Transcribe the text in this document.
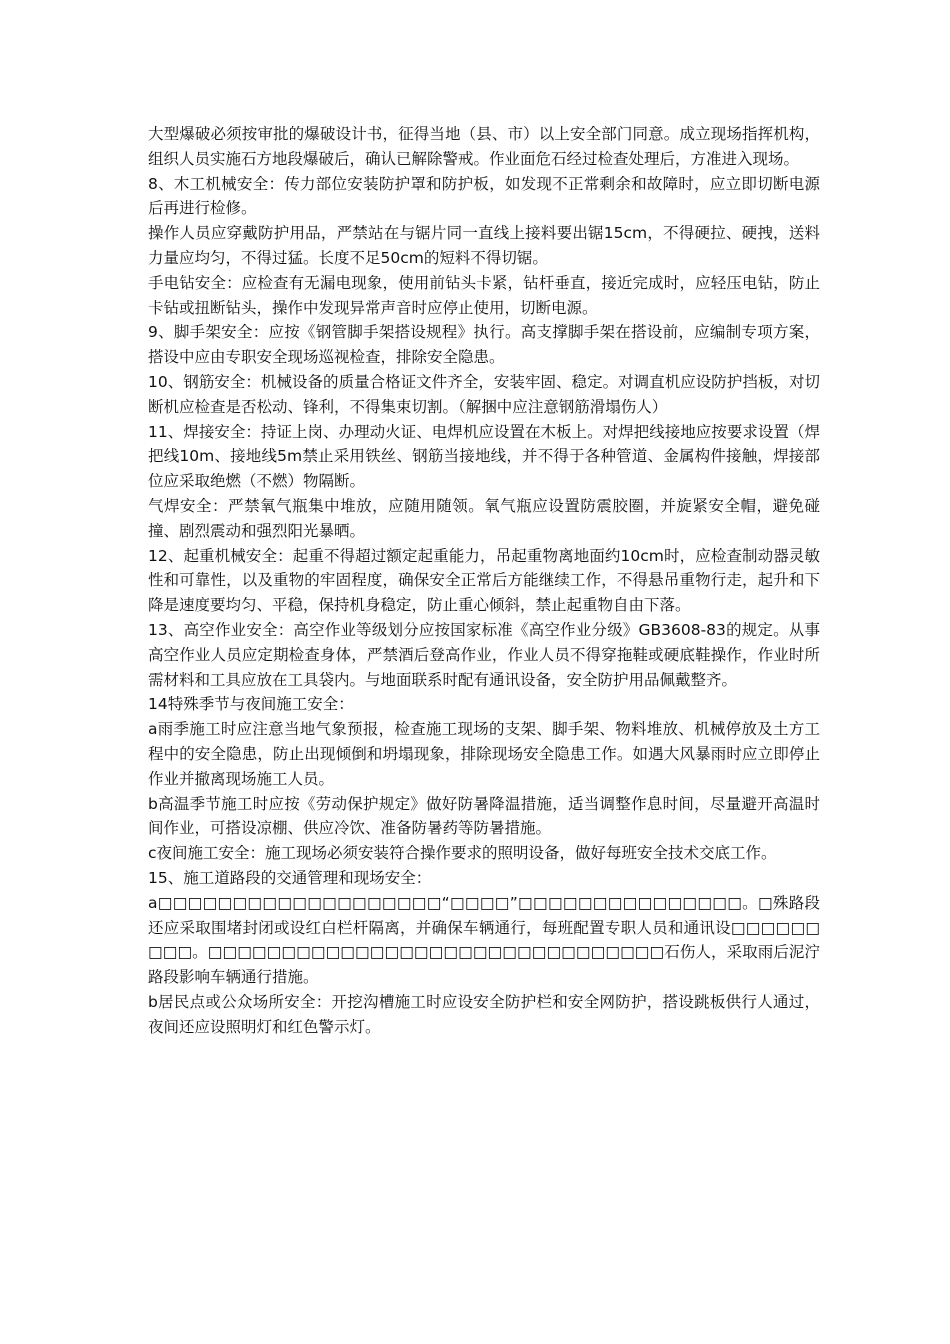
大型爆破必须按审批的爆破设计书，征得当地（县、市）以上安全部门同意。成立现场指挥机构，组织人员实施石方地段爆破后，确认已解除警戒。作业面危石经过检查处理后，方准进入现场。

8、木工机械安全：传力部位安装防护罩和防护板，如发现不正常剩余和故障时，应立即切断电源后再进行检修。

操作人员应穿戴防护用品，严禁站在与锯片同一直线上接料要出锯15cm，不得硬拉、硬拽，送料力量应均匀，不得过猛。长度不足50cm的短料不得切锯。

手电钻安全：应检查有无漏电现象，使用前钻头卡紧，钻杆垂直，接近完成时，应轻压电钻，防止卡钻或扭断钻头，操作中发现异常声音时应停止使用，切断电源。

9、脚手架安全：应按《钢管脚手架搭设规程》执行。高支撑脚手架在搭设前，应编制专项方案，搭设中应由专职安全现场巡视检查，排除安全隐患。

10、钢筋安全：机械设备的质量合格证文件齐全，安装牢固、稳定。对调直机应设防护挡板，对切断机应检查是否松动、锋利，不得集束切割。（解捆中应注意钢筋滑塌伤人）

11、焊接安全：持证上岗、办理动火证、电焊机应设置在木板上。对焊把线接地应按要求设置（焊把线10m、接地线5m禁止采用铁丝、钢筋当接地线，并不得于各种管道、金属构件接触，焊接部位应采取绝燃（不燃）物隔断。

气焊安全：严禁氧气瓶集中堆放，应随用随领。氧气瓶应设置防震胶圈，并旋紧安全帽，避免碰撞、剧烈震动和强烈阳光暴晒。

12、起重机械安全：起重不得超过额定起重能力，吊起重物离地面约10cm时，应检查制动器灵敏性和可靠性，以及重物的牢固程度，确保安全正常后方能继续工作，不得悬吊重物行走，起升和下降是速度要均匀、平稳，保持机身稳定，防止重心倾斜，禁止起重物自由下落。

13、高空作业安全：高空作业等级划分应按国家标准《高空作业分级》GB3608-83的规定。从事高空作业人员应定期检查身体，严禁酒后登高作业，作业人员不得穿拖鞋或硬底鞋操作，作业时所需材料和工具应放在工具袋内。与地面联系时配有通讯设备，安全防护用品佩戴整齐。

14特殊季节与夜间施工安全：

a雨季施工时应注意当地气象预报，检查施工现场的支架、脚手架、物料堆放、机械停放及土方工程中的安全隐患，防止出现倾倒和坍塌现象，排除现场安全隐患工作。如遇大风暴雨时应立即停止作业并撤离现场施工人员。

b高温季节施工时应按《劳动保护规定》做好防暑降温措施，适当调整作息时间，尽量避开高温时间作业，可搭设凉棚、供应冷饮、准备防暑药等防暑措施。

c夜间施工安全：施工现场必须安装符合操作要求的照明设备，做好每班安全技术交底工作。

15、施工道路段的交通管理和现场安全：

a□□□□□□□□□□□□□□□□□□□“□□□□”□□□□□□□□□□□□□□□。□殊路段还应采取围堵封闭或设红白栏杆隔离，并确保车辆通行，每班配置专职人员和通讯设□□□□□□□□□。□□□□□□□□□□□□□□□□□□□□□□□□□□□□□□□石伤人，采取雨后泥泞路段影响车辆通行措施。

b居民点或公众场所安全：开挖沟槽施工时应设安全防护栏和安全网防护，搭设跳板供行人通过，夜间还应设照明灯和红色警示灯。
